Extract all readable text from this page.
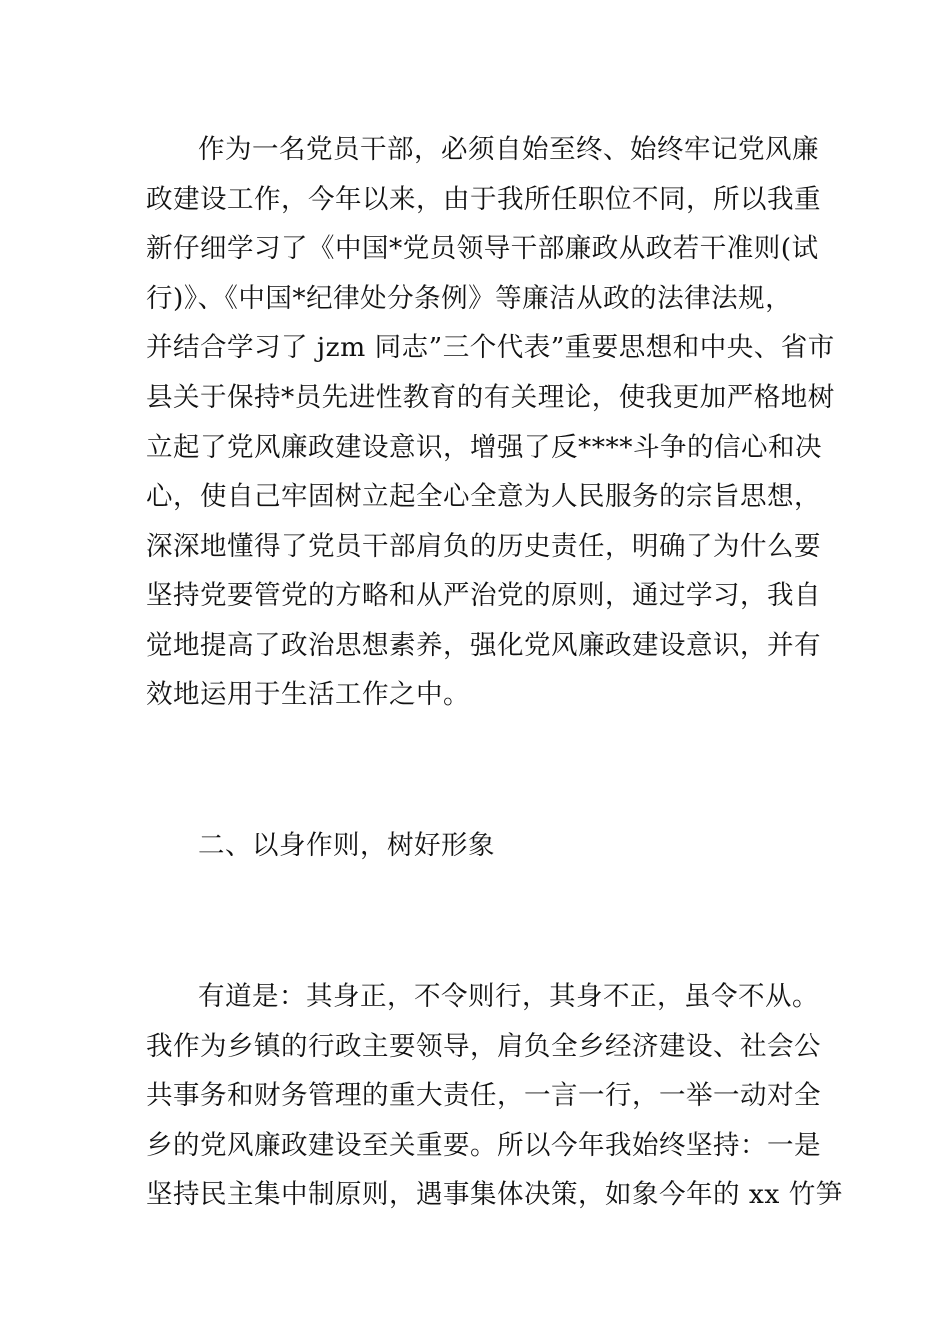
作为一名党员干部，必须自始至终、始终牢记党风廉
政建设工作，今年以来，由于我所任职位不同，所以我重
新仔细学习了《中国*党员领导干部廉政从政若干准则(试
行)》、《中国*纪律处分条例》等廉洁从政的法律法规，
并结合学习了 jzm 同志”三个代表”重要思想和中央、省市
县关于保持*员先进性教育的有关理论，使我更加严格地树
立起了党风廉政建设意识，增强了反****斗争的信心和决
心，使自己牢固树立起全心全意为人民服务的宗旨思想，
深深地懂得了党员干部肩负的历史责任，明确了为什么要
坚持党要管党的方略和从严治党的原则，通过学习，我自
觉地提高了政治思想素养，强化党风廉政建设意识，并有
效地运用于生活工作之中。
二、以身作则，树好形象
有道是：其身正，不令则行，其身不正，虽令不从。
我作为乡镇的行政主要领导，肩负全乡经济建设、社会公
共事务和财务管理的重大责任，一言一行，一举一动对全
乡的党风廉政建设至关重要。所以今年我始终坚持：一是
坚持民主集中制原则，遇事集体决策，如象今年的 xx 竹笋
